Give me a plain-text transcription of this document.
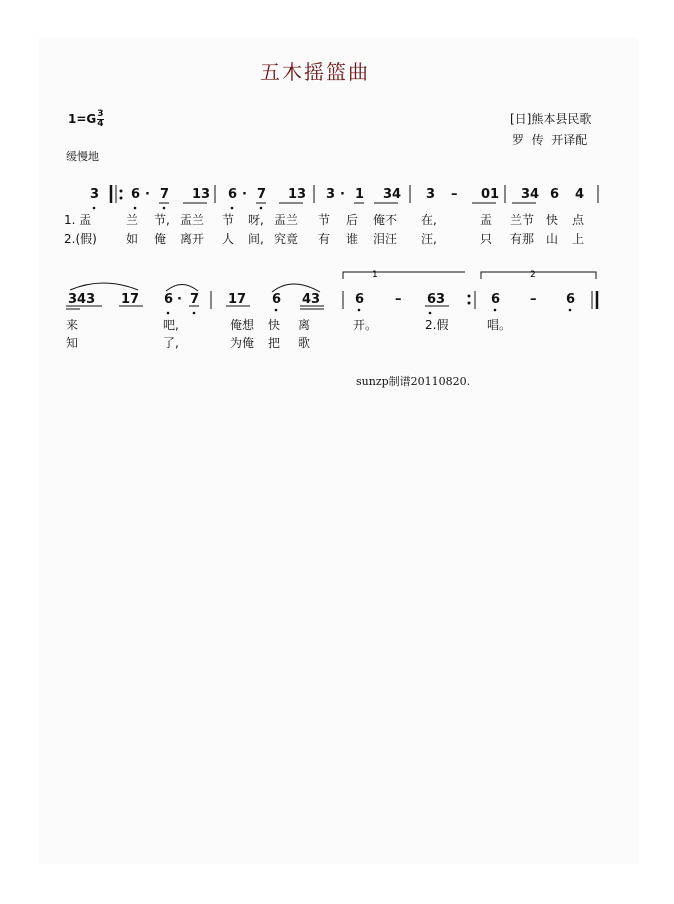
五木摇篮曲
$1=G \frac{3}{4}$	[日]熊本县民歌
罗  传  开译配
缓慢地
1	2
3 6 · 7 13 6 · 7 13 3 · 1 34 3 – 01 34 6 4
1. 盂	兰 节, 盂兰 节 呀, 盂兰 节 后 俺不 在,	盂 兰节 快 点
2.(假) 如 俺 离开 人 间, 究竟 有 谁 泪汪 汪,	只 有那 山 上
343 17 6 · 7 17 6 43	6 – 63	6 – 6
来	吧,	俺想 快 离	开。	2.假	唱。
知	了,	为俺 把 歌
sunzp制谱20110820.
